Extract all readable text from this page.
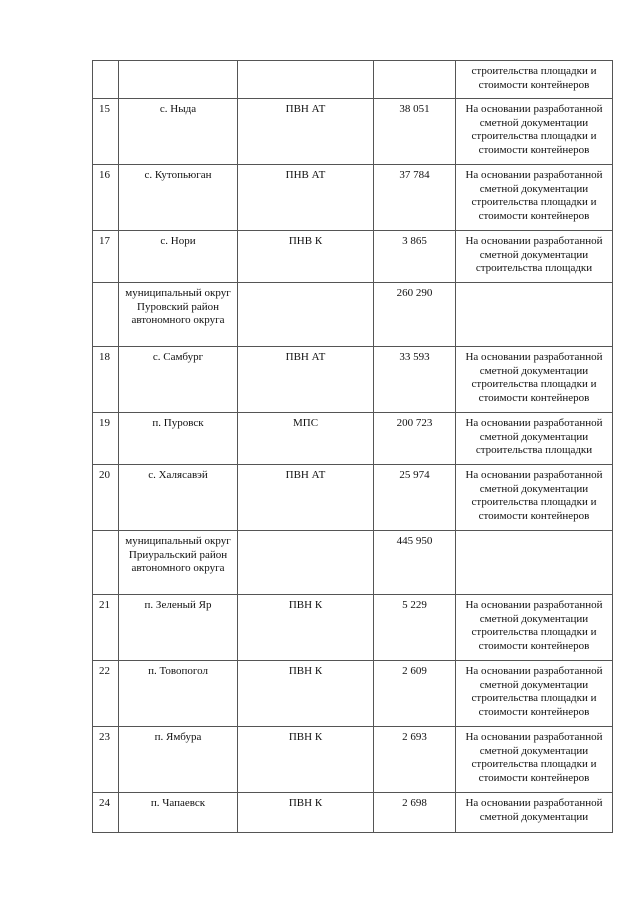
				строительства площадки и стоимости контейнеров
15	с. Ныда	ПВН АТ	38 051	На основании разработанной сметной документации строительства площадки и стоимости контейнеров
16	с. Кутопьюган	ПНВ АТ	37 784	На основании разработанной сметной документации строительства площадки и стоимости контейнеров
17	с. Нори	ПНВ К	3 865	На основании разработанной сметной документации строительства площадки
	муниципальный округ Пуровский район автономного округа		260 290	
18	с. Самбург	ПВН АТ	33 593	На основании разработанной сметной документации строительства площадки и стоимости контейнеров
19	п. Пуровск	МПС	200 723	На основании разработанной сметной документации строительства площадки
20	с. Халясавэй	ПВН АТ	25 974	На основании разработанной сметной документации строительства площадки и стоимости контейнеров
	муниципальный округ Приуральский район автономного округа		445 950	
21	п. Зеленый Яр	ПВН К	5 229	На основании разработанной сметной документации строительства площадки и стоимости контейнеров
22	п. Товопогол	ПВН К	2 609	На основании разработанной сметной документации строительства площадки и стоимости контейнеров
23	п. Ямбура	ПВН К	2 693	На основании разработанной сметной документации строительства площадки и стоимости контейнеров
24	п. Чапаевск	ПВН К	2 698	На основании разработанной сметной документации
